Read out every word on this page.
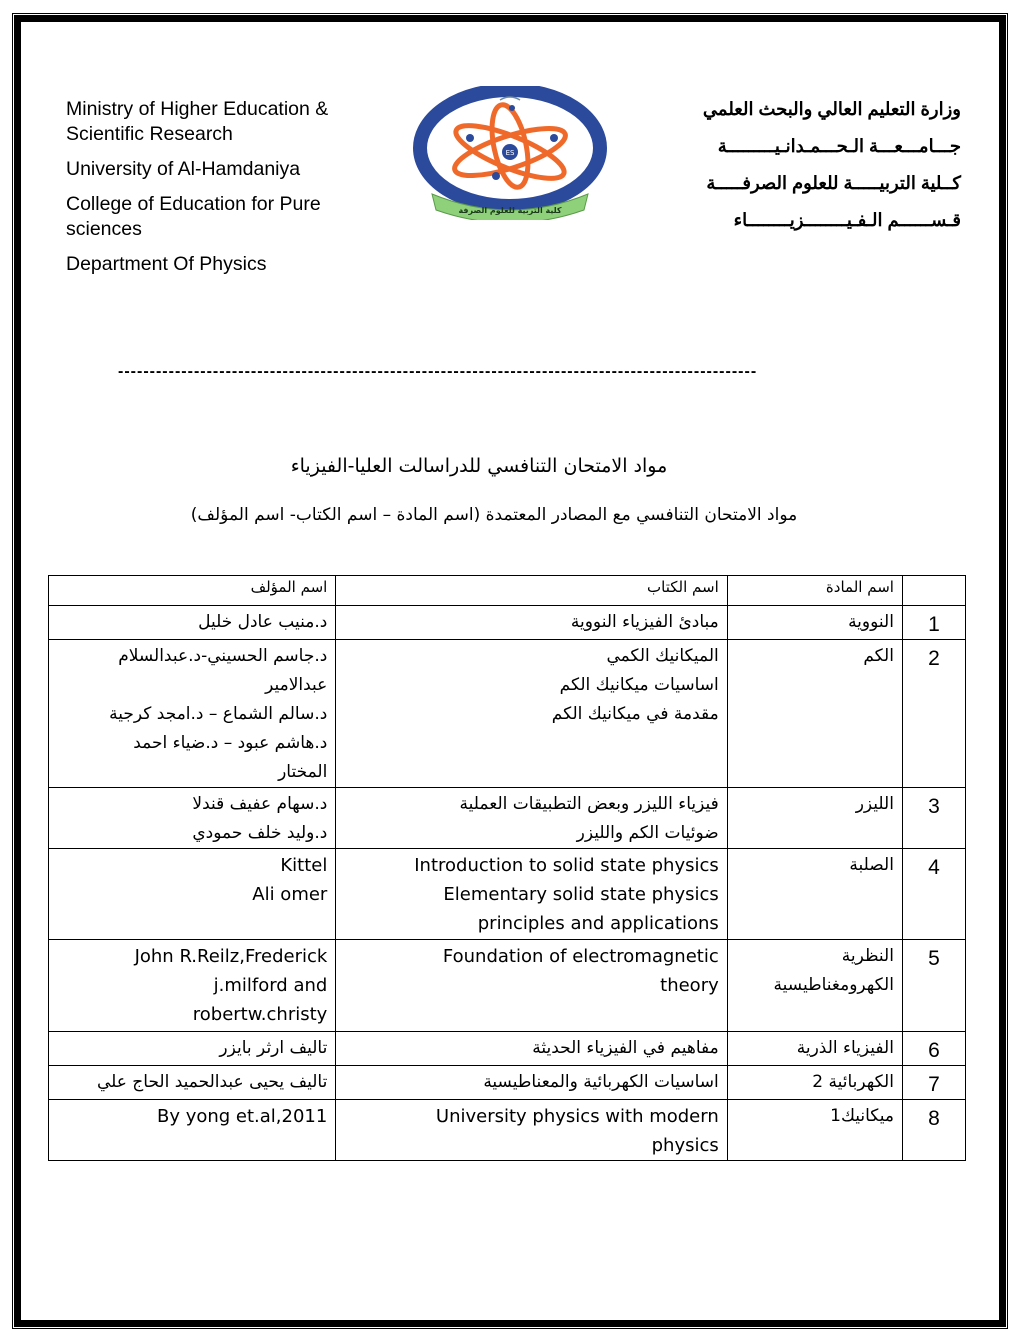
Ministry of Higher Education & Scientific Research

University of Al-Hamdaniya

College of Education for Pure sciences

Department Of Physics

كلية التربية للعلوم الصرفة
ES

وزارة التعليم العالي والبحث العلمي

جـــامـــعـــة الـحـــمـدانـيـــــــــة

كــلية التربيـــــة للعلوم الصرفـــــة

قـســــــم الـفـيــــــــزيــــــــاء

-----------------------------------------------------------------------------------------------------
مواد الامتحان التنافسي للدراسالت العليا-الفيزياء
مواد الامتحان التنافسي مع المصادر المعتمدة (اسم المادة – اسم الكتاب- اسم المؤلف)
	اسم المادة	اسم الكتاب	اسم المؤلف
1	النووية	مبادئ الفيزياء النووية	د.منيب عادل خليل

2	الكم	الميكانيك الكمي
اساسيات ميكانيك الكم
مقدمة في ميكانيك الكم	د.جاسم الحسيني-د.عبدالسلام
عبدالامير
د.سالم الشماع – د.امجد كرجية
د.هاشم عبود – د.ضياء احمد
المختار

3	الليزر	فيزياء الليزر وبعض التطبيقات العملية
ضوئيات الكم والليزر	د.سهام عفيف قندلا
د.وليد خلف حمودي

4	الصلبة	Introduction to solid state physics
Elementary solid state physics
principles and applications	Kittel
Ali omer

5	النظرية
الكهرومغناطيسية	Foundation of electromagnetic
theory	John R.Reilz,Frederick
j.milford and
robertw.christy

6	الفيزياء الذرية	مفاهيم في الفيزياء الحديثة	تاليف ارثر بايزر

7	الكهربائية 2	اساسيات الكهربائية والمعناطيسية	تاليف يحيى عبدالحميد الحاج علي

8	ميكانيك1	University physics with modern
physics	By yong et.al,2011
